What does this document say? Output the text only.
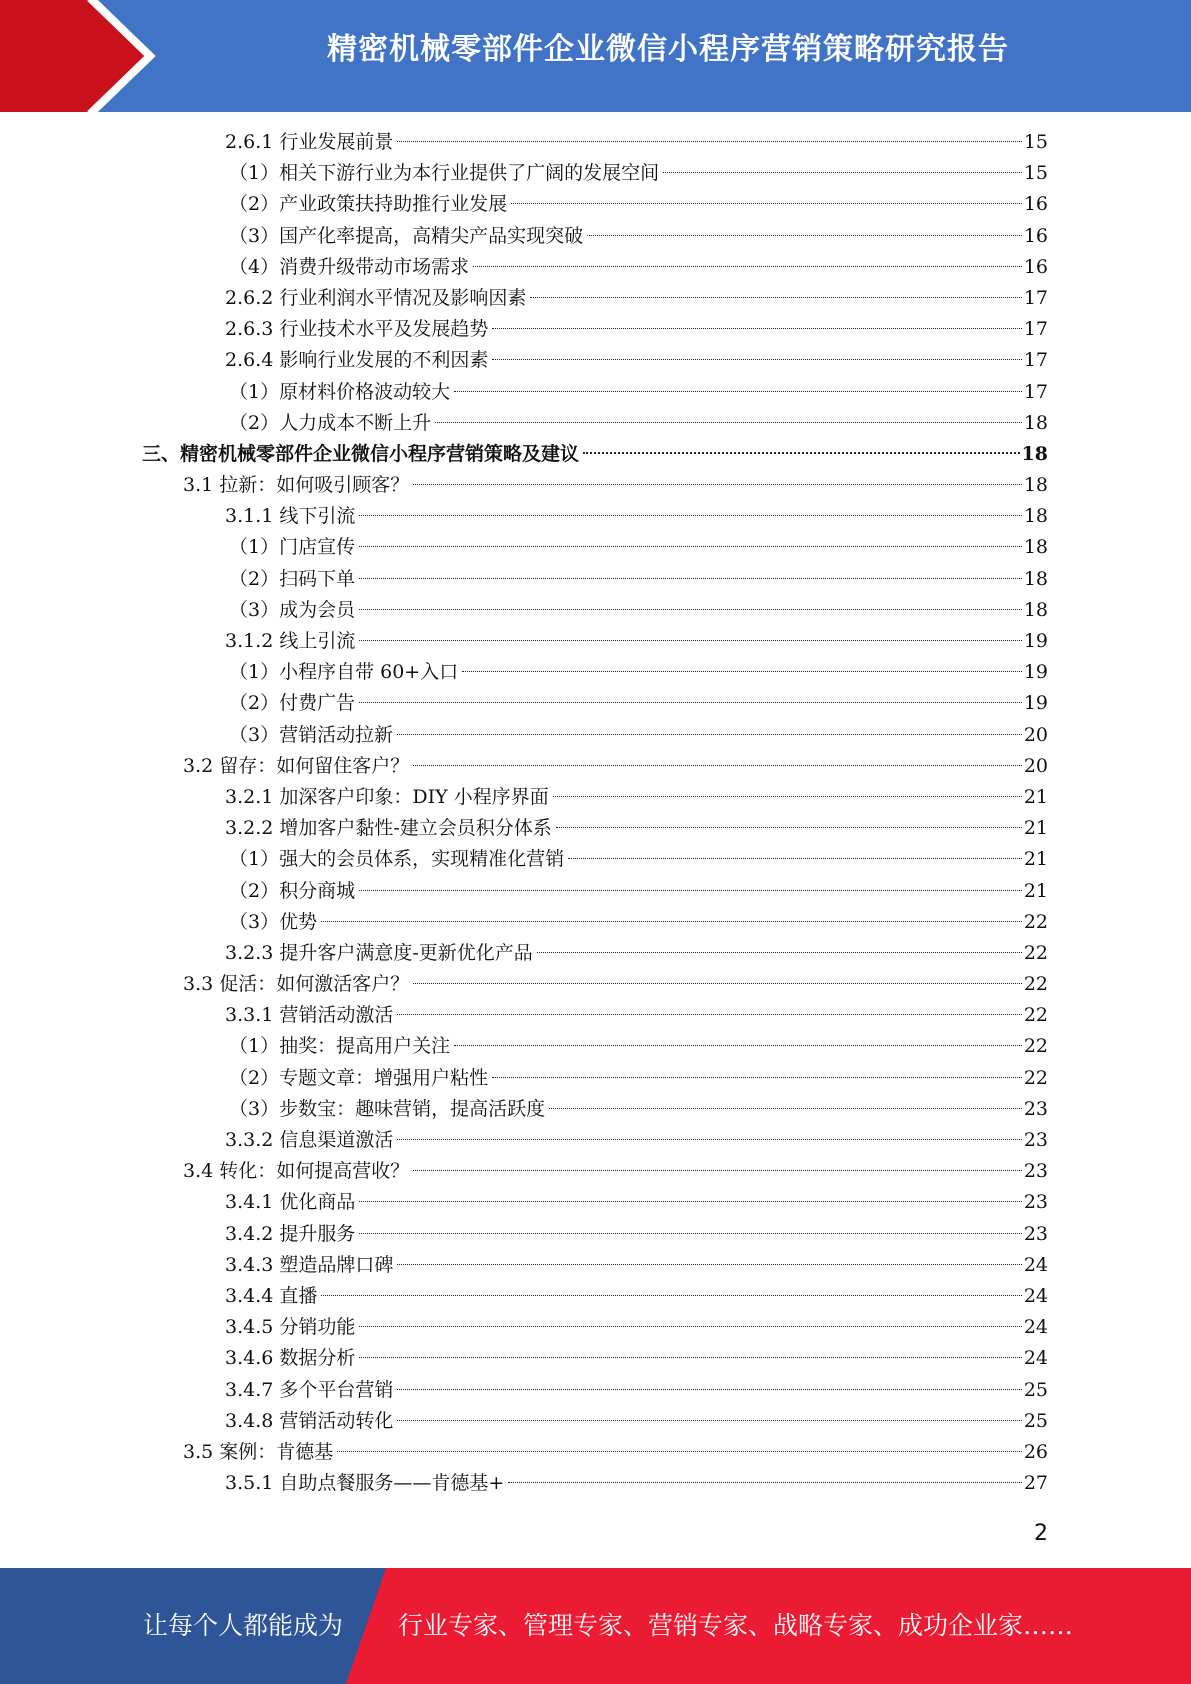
精密机械零部件企业微信小程序营销策略研究报告
2.6.1 行业发展前景	15
（1）相关下游行业为本行业提供了广阔的发展空间	15
（2）产业政策扶持助推行业发展	16
（3）国产化率提高，高精尖产品实现突破	16
（4）消费升级带动市场需求	16
2.6.2 行业利润水平情况及影响因素	17
2.6.3 行业技术水平及发展趋势	17
2.6.4 影响行业发展的不利因素	17
（1）原材料价格波动较大	17
（2）人力成本不断上升	18
三、精密机械零部件企业微信小程序营销策略及建议	18
3.1 拉新：如何吸引顾客？	18
3.1.1 线下引流	18
（1）门店宣传	18
（2）扫码下单	18
（3）成为会员	18
3.1.2 线上引流	19
（1）小程序自带 60+入口	19
（2）付费广告	19
（3）营销活动拉新	20
3.2 留存：如何留住客户？	20
3.2.1 加深客户印象：DIY 小程序界面	21
3.2.2 增加客户黏性-建立会员积分体系	21
（1）强大的会员体系，实现精准化营销	21
（2）积分商城	21
（3）优势	22
3.2.3 提升客户满意度-更新优化产品	22
3.3 促活：如何激活客户？	22
3.3.1 营销活动激活	22
（1）抽奖：提高用户关注	22
（2）专题文章：增强用户粘性	22
（3）步数宝：趣味营销，提高活跃度	23
3.3.2 信息渠道激活	23
3.4 转化：如何提高营收？	23
3.4.1 优化商品	23
3.4.2 提升服务	23
3.4.3 塑造品牌口碑	24
3.4.4 直播	24
3.4.5 分销功能	24
3.4.6 数据分析	24
3.4.7 多个平台营销	25
3.4.8 营销活动转化	25
3.5 案例：肯德基	26
3.5.1 自助点餐服务——肯德基+	27
2
让每个人都能成为 行业专家、管理专家、营销专家、战略专家、成功企业家……
